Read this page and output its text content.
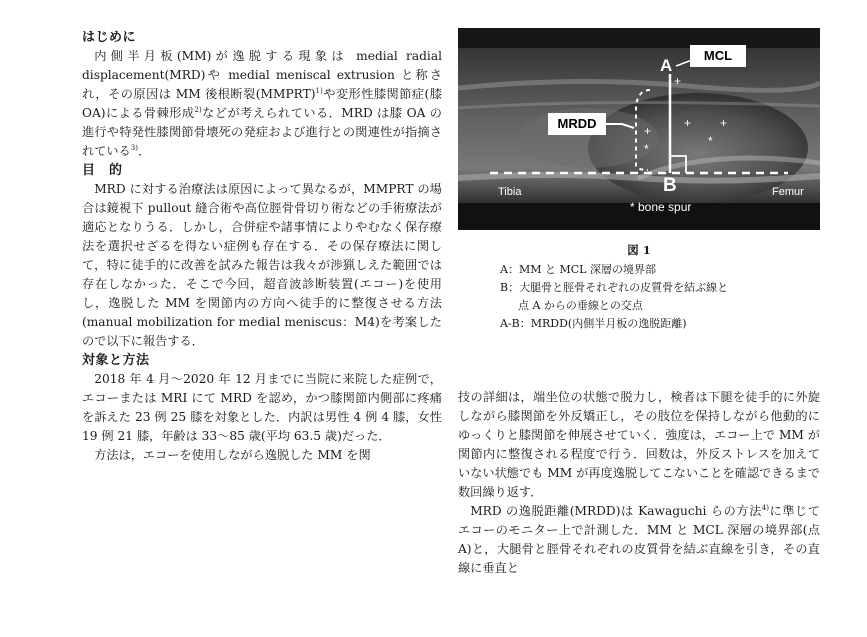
はじめに

内側半月板(MM)が逸脱する現象は medial radial displacement(MRD)や medial meniscal extrusion と称され，その原因は MM 後根断裂(MMPRT)$^{1)}$や変形性膝関節症(膝 OA)による骨棘形成$^{2)}$などが考えられている．MRD は膝 OA の進行や特発性膝関節骨壊死の発症および進行との関連性が指摘されている$^{3)}$．

目　的

MRD に対する治療法は原因によって異なるが，MMPRT の場合は鏡視下 pullout 縫合術や高位脛骨骨切り術などの手術療法が適応となりうる．しかし，合併症や諸事情によりやむなく保存療法を選択せざるを得ない症例も存在する．その保存療法に関して，特に徒手的に改善を試みた報告は我々が渉猟しえた範囲では存在しなかった．そこで今回，超音波診断装置(エコー)を使用し，逸脱した MM を関節内の方向へ徒手的に整復させる方法(manual mobilization for medial meniscus：M4)を考案したので以下に報告する．

対象と方法

2018 年 4 月〜2020 年 12 月までに当院に来院した症例で，エコーまたは MRI にて MRD を認め，かつ膝関節内側部に疼痛を訴えた 23 例 25 膝を対象とした．内訳は男性 4 例 4 膝，女性 19 例 21 膝，年齢は 33〜85 歳(平均 63.5 歳)だった．

方法は，エコーを使用しながら逸脱した MM を関

MCL
A
B
MRDD
Tibia	Femur
* bone spur
*
*
+
+
+ +
図 1
A：MM と MCL 深層の境界部
B：大腿骨と脛骨それぞれの皮質骨を結ぶ線と
点 A からの垂線との交点
A-B：MRDD(内側半月板の逸脱距離)

技の詳細は，端坐位の状態で脱力し，検者は下腿を徒手的に外旋しながら膝関節を外反矯正し，その肢位を保持しながら他動的にゆっくりと膝関節を伸展させていく．強度は，エコー上で MM が関節内に整復される程度で行う．回数は，外反ストレスを加えていない状態でも MM が再度逸脱してこないことを確認できるまで数回繰り返す．

MRD の逸脱距離(MRDD)は Kawaguchi らの方法$^{4)}$に準じてエコーのモニター上で計測した．MM と MCL 深層の境界部(点 A)と，大腿骨と脛骨それぞれの皮質骨を結ぶ直線を引き，その直線に垂直と
